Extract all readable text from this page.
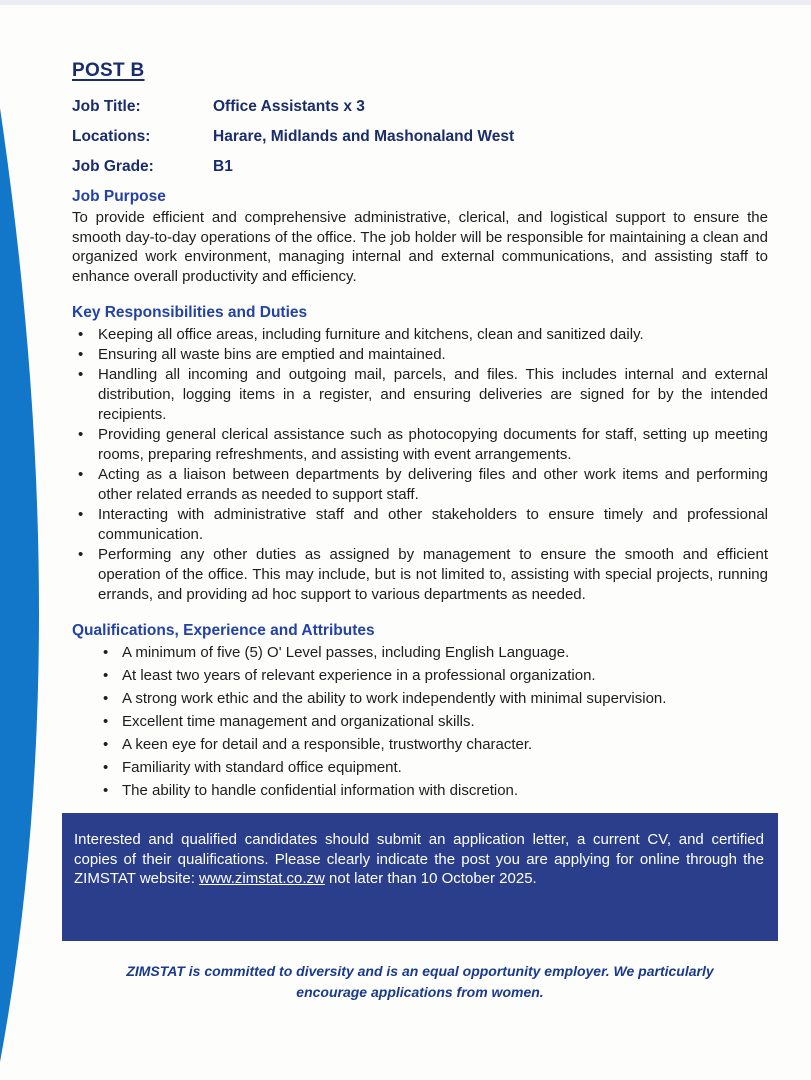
POST B
Job Title:	Office Assistants x 3
Locations:	Harare, Midlands and Mashonaland West
Job Grade:	B1
Job Purpose

To provide efficient and comprehensive administrative, clerical, and logistical support to ensure the smooth day-to-day operations of the office. The job holder will be responsible for maintaining a clean and organized work environment, managing internal and external communications, and assisting staff to enhance overall productivity and efficiency.

Key Responsibilities and Duties
• Keeping all office areas, including furniture and kitchens, clean and sanitized daily.
• Ensuring all waste bins are emptied and maintained.
• Handling all incoming and outgoing mail, parcels, and files. This includes internal and external distribution, logging items in a register, and ensuring deliveries are signed for by the intended recipients.
• Providing general clerical assistance such as photocopying documents for staff, setting up meeting rooms, preparing refreshments, and assisting with event arrangements.
• Acting as a liaison between departments by delivering files and other work items and performing other related errands as needed to support staff.
• Interacting with administrative staff and other stakeholders to ensure timely and professional communication.
• Performing any other duties as assigned by management to ensure the smooth and efficient operation of the office. This may include, but is not limited to, assisting with special projects, running errands, and providing ad hoc support to various departments as needed.
Qualifications, Experience and Attributes
• A minimum of five (5) O' Level passes, including English Language.
• At least two years of relevant experience in a professional organization.
• A strong work ethic and the ability to work independently with minimal supervision.
• Excellent time management and organizational skills.
• A keen eye for detail and a responsible, trustworthy character.
• Familiarity with standard office equipment.
• The ability to handle confidential information with discretion.

Interested and qualified candidates should submit an application letter, a current CV, and certified copies of their qualifications. Please clearly indicate the post you are applying for online through the ZIMSTAT website: www.zimstat.co.zw not later than 10 October 2025.

ZIMSTAT is committed to diversity and is an equal opportunity employer. We particularly
encourage applications from women.
